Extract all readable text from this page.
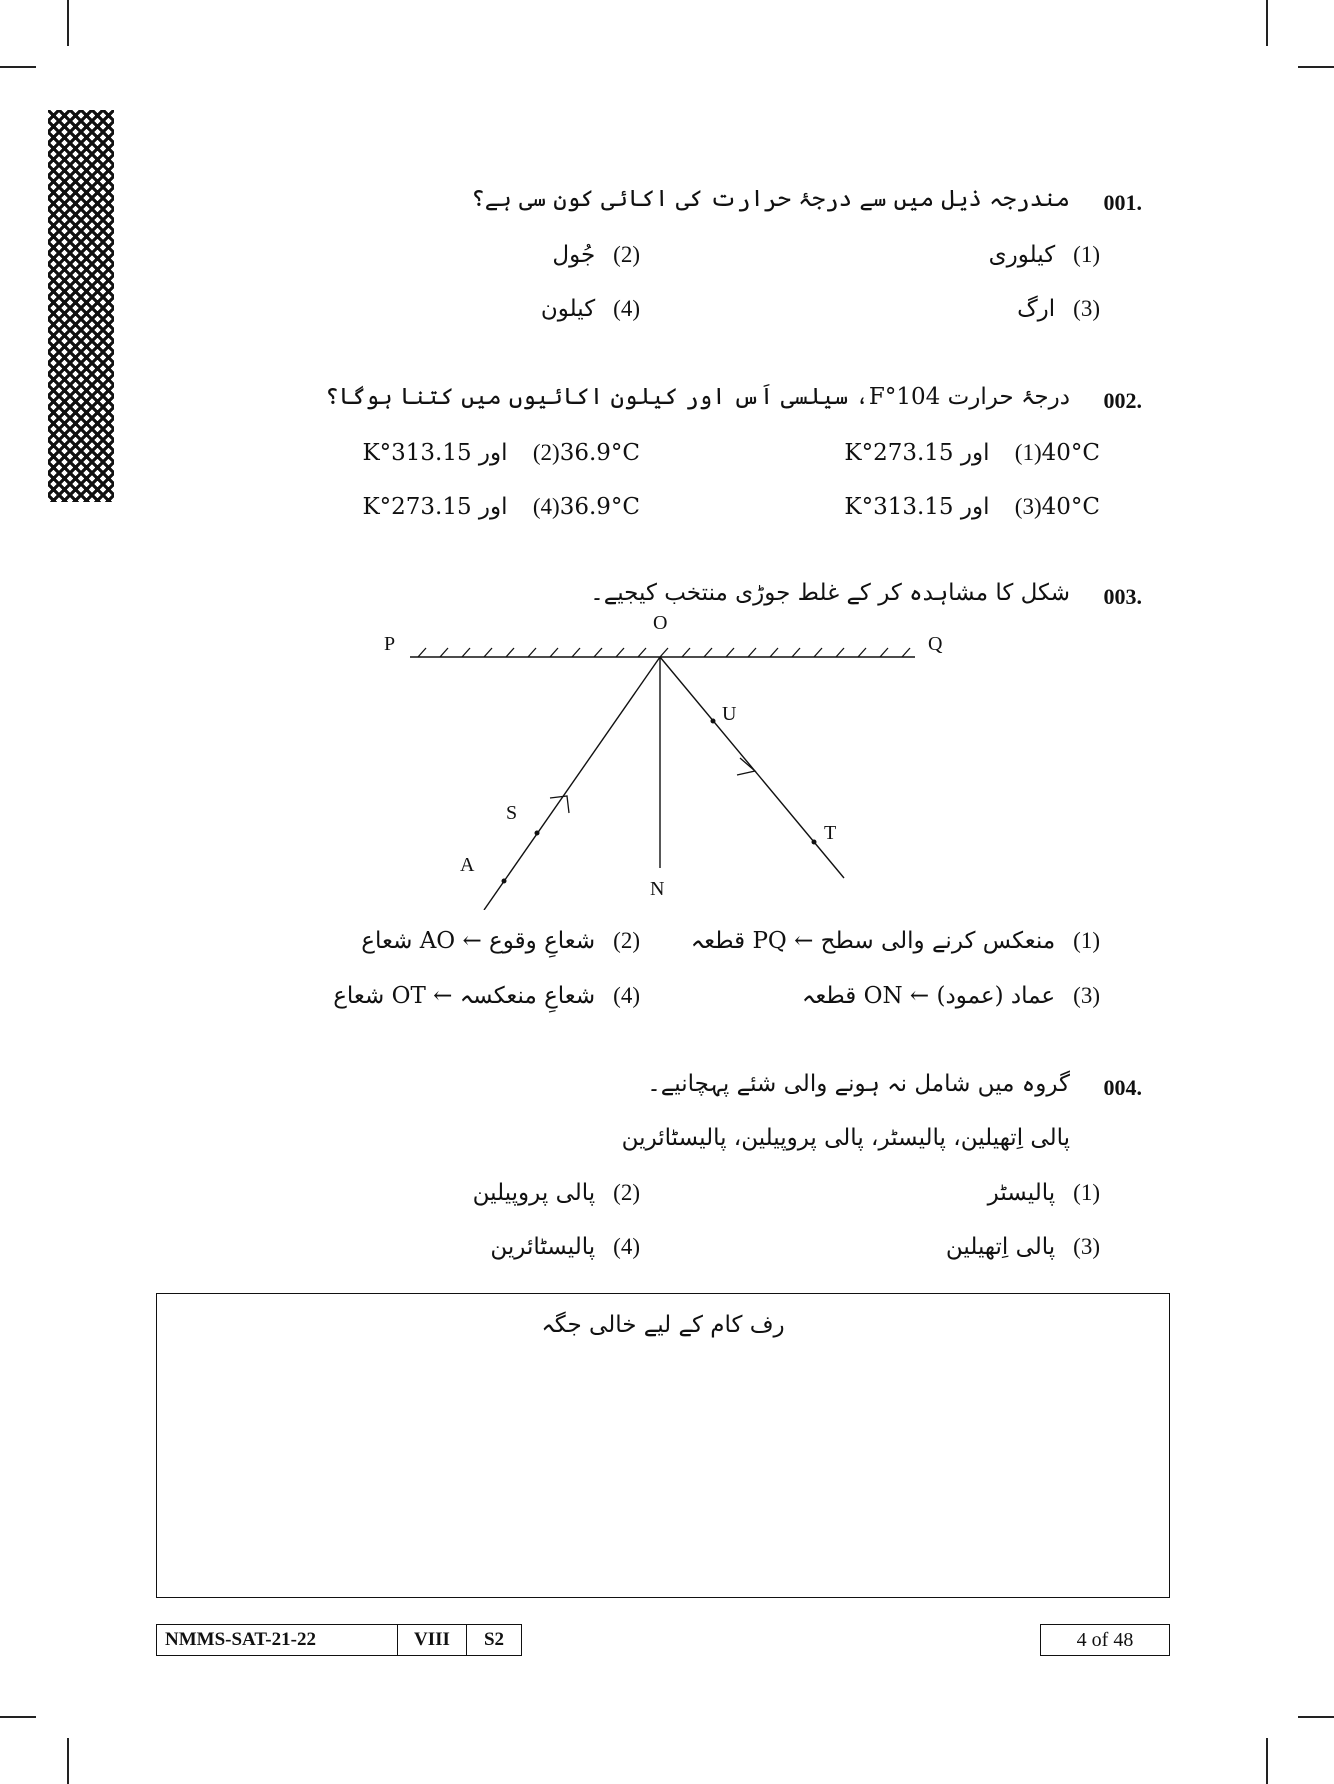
001.
مندرجہ ذیل میں سے درجۂ حرارت کی اکائی کون سی ہے؟
(1)کیلوری
(2)جُول
(3)ارگ
(4)کیلون
002.
درجۂ حرارت 104°F، سیلسی اَس اور کیلون اکائیوں میں کتنا ہوگا؟
(1)40°C اور 273.15°K
(2)36.9°C اور 313.15°K
(3)40°C اور 313.15°K
(4)36.9°C اور 273.15°K
003.
شکل کا مشاہدہ کر کے غلط جوڑی منتخب کیجیے۔
P	Q
O
U
S
A
N
T
(1)منعکس کرنے والی سطح ← PQ قطعہ
(2)شعاعِ وقوع ← AO شعاع
(3)عماد (عمود) ← ON قطعہ
(4)شعاعِ منعکسہ ← OT شعاع
004.
گروہ میں شامل نہ ہونے والی شئے پہچانیے۔
پالی اِتھیلین، پالیسٹر، پالی پروپیلین، پالیسٹائرین
(1)پالیسٹر
(2)پالی پروپیلین
(3)پالی اِتھیلین
(4)پالیسٹائرین
رف کام کے لیے خالی جگہ
NMMS-SAT-21-22	VIII	S2	4 of 48
